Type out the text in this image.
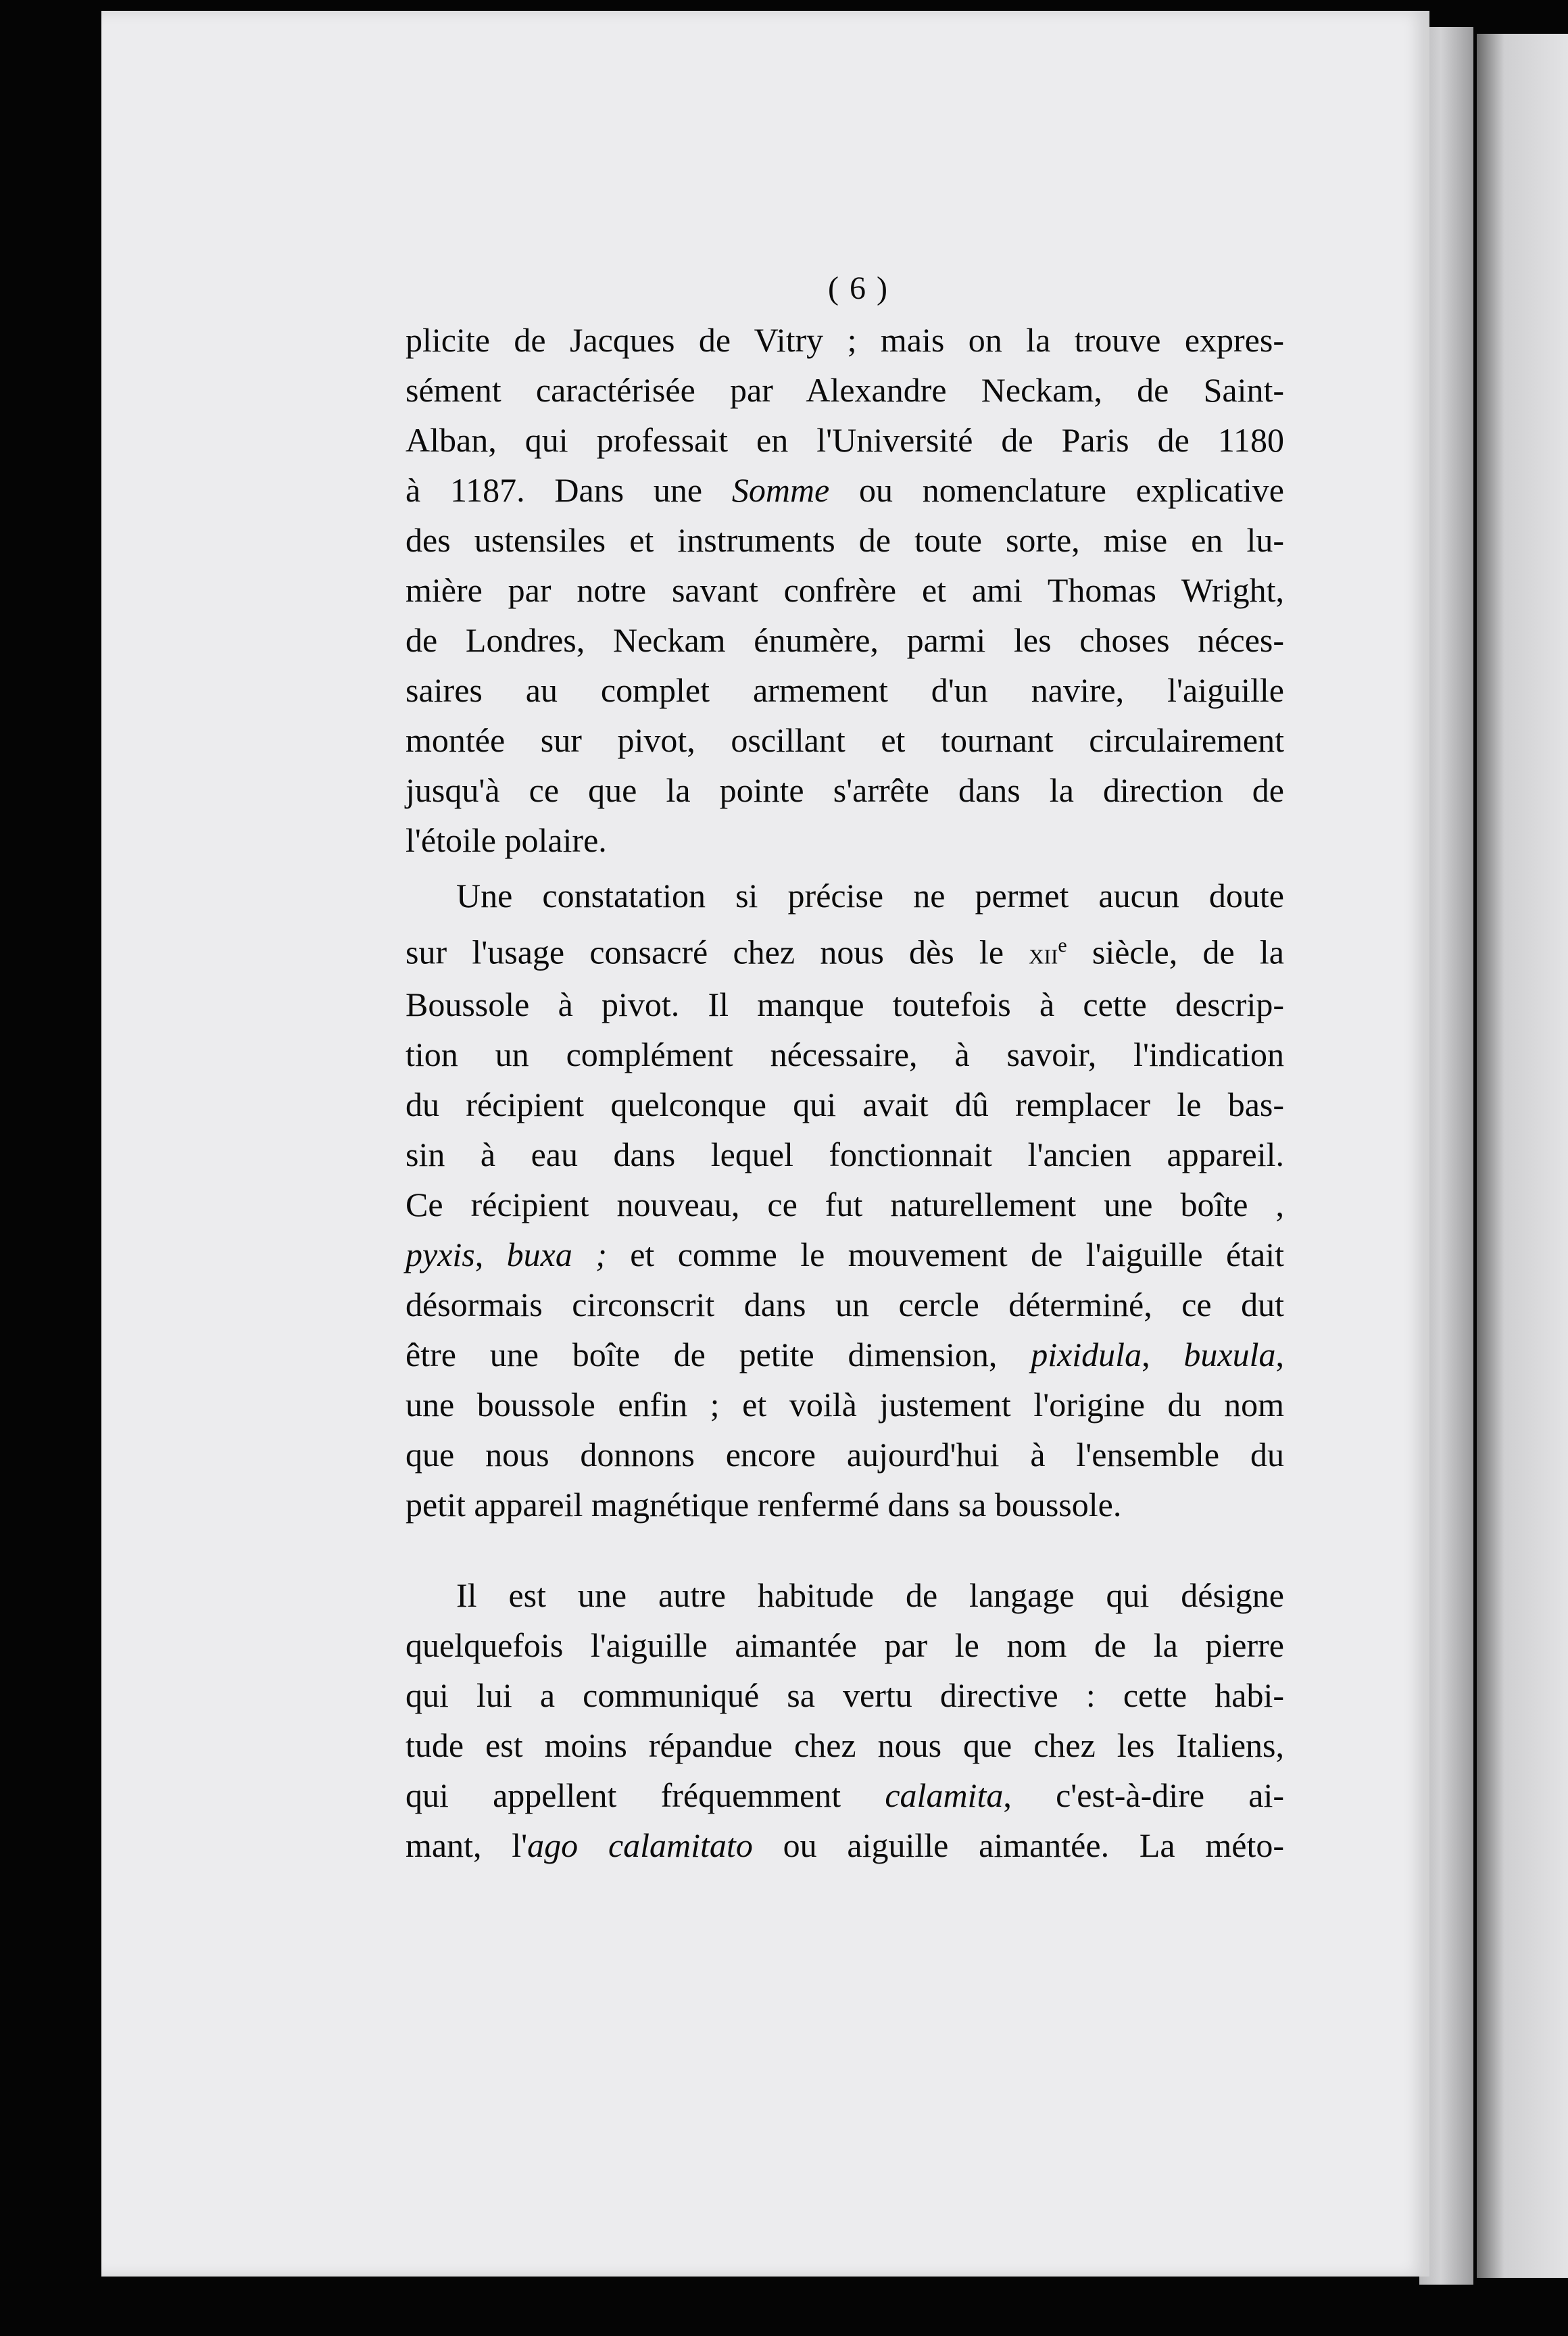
( 6 )
plicite de Jacques de Vitry ; mais on la trouve expres-
sément caractérisée par Alexandre Neckam, de Saint-
Alban, qui professait en l'Université de Paris de 1180
à 1187. Dans une Somme ou nomenclature explicative
des ustensiles et instruments de toute sorte, mise en lu-
mière par notre savant confrère et ami Thomas Wright,
de Londres, Neckam énumère, parmi les choses néces-
saires au complet armement d'un navire, l'aiguille
montée sur pivot, oscillant et tournant circulairement
jusqu'à ce que la pointe s'arrête dans la direction de
l'étoile polaire.
Une constatation si précise ne permet aucun doute
sur l'usage consacré chez nous dès le xii$^e$ siècle, de la
Boussole à pivot. Il manque toutefois à cette descrip-
tion un complément nécessaire, à savoir, l'indication
du récipient quelconque qui avait dû remplacer le bas-
sin à eau dans lequel fonctionnait l'ancien appareil.
Ce récipient nouveau, ce fut naturellement une boîte ,
pyxis, buxa ; et comme le mouvement de l'aiguille était
désormais circonscrit dans un cercle déterminé, ce dut
être une boîte de petite dimension, pixidula, buxula,
une boussole enfin ; et voilà justement l'origine du nom
que nous donnons encore aujourd'hui à l'ensemble du
petit appareil magnétique renfermé dans sa boussole.
Il est une autre habitude de langage qui désigne
quelquefois l'aiguille aimantée par le nom de la pierre
qui lui a communiqué sa vertu directive : cette habi-
tude est moins répandue chez nous que chez les Italiens,
qui appellent fréquemment calamita, c'est-à-dire ai-
mant, l'ago calamitato ou aiguille aimantée. La méto-
